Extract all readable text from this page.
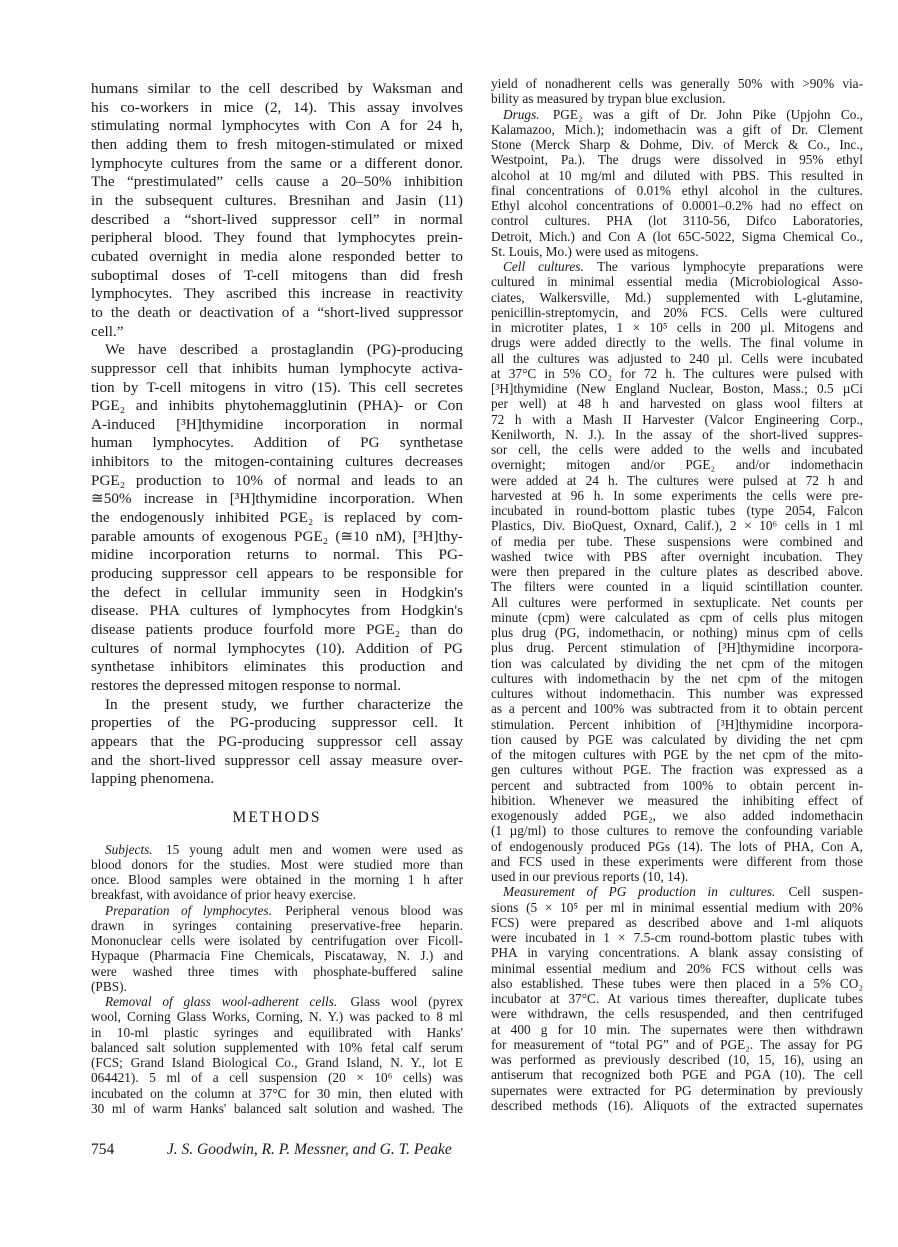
humans similar to the cell described by Waksman and
his co-workers in mice (2, 14). This assay involves
stimulating normal lymphocytes with Con A for 24 h,
then adding them to fresh mitogen-stimulated or mixed
lymphocyte cultures from the same or a different donor.
The “prestimulated” cells cause a 20–50% inhibition
in the subsequent cultures. Bresnihan and Jasin (11)
described a “short-lived suppressor cell” in normal
peripheral blood. They found that lymphocytes prein-
cubated overnight in media alone responded better to
suboptimal doses of T-cell mitogens than did fresh
lymphocytes. They ascribed this increase in reactivity
to the death or deactivation of a “short-lived suppressor
cell.”
We have described a prostaglandin (PG)-producing
suppressor cell that inhibits human lymphocyte activa-
tion by T-cell mitogens in vitro (15). This cell secretes
PGE₂ and inhibits phytohemagglutinin (PHA)- or Con
A-induced [³H]thymidine incorporation in normal
human lymphocytes. Addition of PG synthetase
inhibitors to the mitogen-containing cultures decreases
PGE₂ production to 10% of normal and leads to an
≅50% increase in [³H]thymidine incorporation. When
the endogenously inhibited PGE₂ is replaced by com-
parable amounts of exogenous PGE₂ (≅10 nM), [³H]thy-
midine incorporation returns to normal. This PG-
producing suppressor cell appears to be responsible for
the defect in cellular immunity seen in Hodgkin's
disease. PHA cultures of lymphocytes from Hodgkin's
disease patients produce fourfold more PGE₂ than do
cultures of normal lymphocytes (10). Addition of PG
synthetase inhibitors eliminates this production and
restores the depressed mitogen response to normal.
In the present study, we further characterize the
properties of the PG-producing suppressor cell. It
appears that the PG-producing suppressor cell assay
and the short-lived suppressor cell assay measure over-
lapping phenomena.
METHODS
Subjects. 15 young adult men and women were used as
blood donors for the studies. Most were studied more than
once. Blood samples were obtained in the morning 1 h after
breakfast, with avoidance of prior heavy exercise.
Preparation of lymphocytes. Peripheral venous blood was
drawn in syringes containing preservative-free heparin.
Mononuclear cells were isolated by centrifugation over Ficoll-
Hypaque (Pharmacia Fine Chemicals, Piscataway, N. J.) and
were washed three times with phosphate-buffered saline
(PBS).
Removal of glass wool-adherent cells. Glass wool (pyrex
wool, Corning Glass Works, Corning, N. Y.) was packed to 8 ml
in 10-ml plastic syringes and equilibrated with Hanks'
balanced salt solution supplemented with 10% fetal calf serum
(FCS; Grand Island Biological Co., Grand Island, N. Y., lot E
064421). 5 ml of a cell suspension (20 × 10⁶ cells) was
incubated on the column at 37°C for 30 min, then eluted with
30 ml of warm Hanks' balanced salt solution and washed. The
yield of nonadherent cells was generally 50% with >90% via-
bility as measured by trypan blue exclusion.
Drugs. PGE₂ was a gift of Dr. John Pike (Upjohn Co.,
Kalamazoo, Mich.); indomethacin was a gift of Dr. Clement
Stone (Merck Sharp & Dohme, Div. of Merck & Co., Inc.,
Westpoint, Pa.). The drugs were dissolved in 95% ethyl
alcohol at 10 mg/ml and diluted with PBS. This resulted in
final concentrations of 0.01% ethyl alcohol in the cultures.
Ethyl alcohol concentrations of 0.0001–0.2% had no effect on
control cultures. PHA (lot 3110-56, Difco Laboratories,
Detroit, Mich.) and Con A (lot 65C-5022, Sigma Chemical Co.,
St. Louis, Mo.) were used as mitogens.
Cell cultures. The various lymphocyte preparations were
cultured in minimal essential media (Microbiological Asso-
ciates, Walkersville, Md.) supplemented with L-glutamine,
penicillin-streptomycin, and 20% FCS. Cells were cultured
in microtiter plates, 1 × 10⁵ cells in 200 µl. Mitogens and
drugs were added directly to the wells. The final volume in
all the cultures was adjusted to 240 µl. Cells were incubated
at 37°C in 5% CO₂ for 72 h. The cultures were pulsed with
[³H]thymidine (New England Nuclear, Boston, Mass.; 0.5 µCi
per well) at 48 h and harvested on glass wool filters at
72 h with a Mash II Harvester (Valcor Engineering Corp.,
Kenilworth, N. J.). In the assay of the short-lived suppres-
sor cell, the cells were added to the wells and incubated
overnight; mitogen and/or PGE₂ and/or indomethacin
were added at 24 h. The cultures were pulsed at 72 h and
harvested at 96 h. In some experiments the cells were pre-
incubated in round-bottom plastic tubes (type 2054, Falcon
Plastics, Div. BioQuest, Oxnard, Calif.), 2 × 10⁶ cells in 1 ml
of media per tube. These suspensions were combined and
washed twice with PBS after overnight incubation. They
were then prepared in the culture plates as described above.
The filters were counted in a liquid scintillation counter.
All cultures were performed in sextuplicate. Net counts per
minute (cpm) were calculated as cpm of cells plus mitogen
plus drug (PG, indomethacin, or nothing) minus cpm of cells
plus drug. Percent stimulation of [³H]thymidine incorpora-
tion was calculated by dividing the net cpm of the mitogen
cultures with indomethacin by the net cpm of the mitogen
cultures without indomethacin. This number was expressed
as a percent and 100% was subtracted from it to obtain percent
stimulation. Percent inhibition of [³H]thymidine incorpora-
tion caused by PGE was calculated by dividing the net cpm
of the mitogen cultures with PGE by the net cpm of the mito-
gen cultures without PGE. The fraction was expressed as a
percent and subtracted from 100% to obtain percent in-
hibition. Whenever we measured the inhibiting effect of
exogenously added PGE₂, we also added indomethacin
(1 µg/ml) to those cultures to remove the confounding variable
of endogenously produced PGs (14). The lots of PHA, Con A,
and FCS used in these experiments were different from those
used in our previous reports (10, 14).
Measurement of PG production in cultures. Cell suspen-
sions (5 × 10⁵ per ml in minimal essential medium with 20%
FCS) were prepared as described above and 1-ml aliquots
were incubated in 1 × 7.5-cm round-bottom plastic tubes with
PHA in varying concentrations. A blank assay consisting of
minimal essential medium and 20% FCS without cells was
also established. These tubes were then placed in a 5% CO₂
incubator at 37°C. At various times thereafter, duplicate tubes
were withdrawn, the cells resuspended, and then centrifuged
at 400 g for 10 min. The supernates were then withdrawn
for measurement of “total PG” and of PGE₂. The assay for PG
was performed as previously described (10, 15, 16), using an
antiserum that recognized both PGE and PGA (10). The cell
supernates were extracted for PG determination by previously
described methods (16). Aliquots of the extracted supernates
754	J. S. Goodwin, R. P. Messner, and G. T. Peake
